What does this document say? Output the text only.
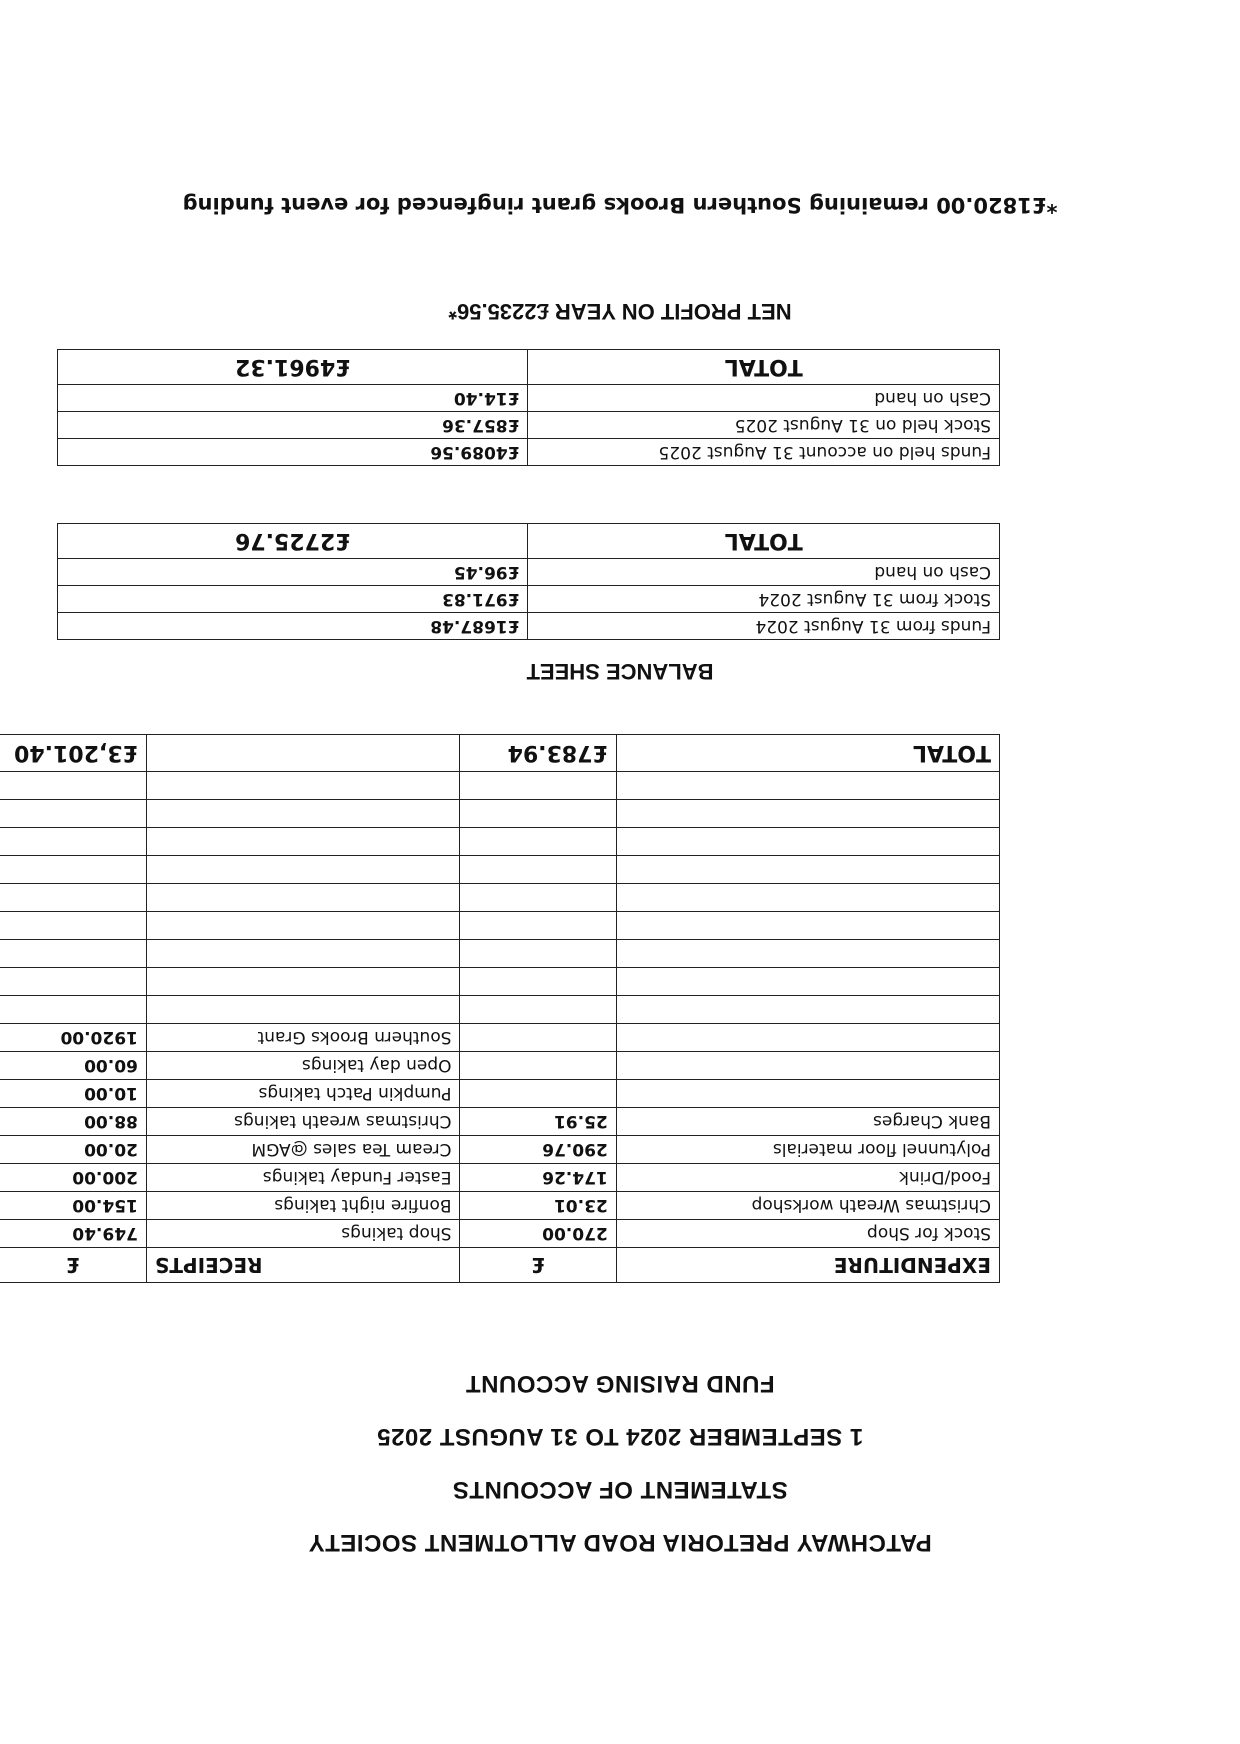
PATCHWAY PRETORIA ROAD ALLOTMENT SOCIETY
STATEMENT OF ACCOUNTS
1 SEPTEMBER 2024 TO 31 AUGUST 2025
FUND RAISING ACCOUNT
EXPENDITURE	£	RECEIPTS	£
Stock for Shop	270.00	Shop takings	749.40
Christmas Wreath workshop	23.01	Bonfire night takings	154.00
Food/Drink	174.26	Easter Funday takings	200.00
Polytunnel floor materials	290.76	Cream Tea sales @AGM	20.00
Bank Charges	25.91	Christmas wreath takings	88.00
		Pumpkin Patch takings	10.00
		Open day takings	60.00
		Southern Brooks Grant	1920.00

TOTAL	£783.94		£3,201.40
BALANCE SHEET
Funds from 31 August 2024	£1687.48
Stock from 31 August 2024	£971.83
Cash on hand	£96.45
TOTAL	£2725.76
Funds held on account 31 August 2025	£4089.56
Stock held on 31 August 2025	£857.36
Cash on hand	£14.40
TOTAL	£4961.32
NET PROFIT ON YEAR £2235.56*
*£1820.00 remaining Southern Brooks grant ringfenced for event funding
